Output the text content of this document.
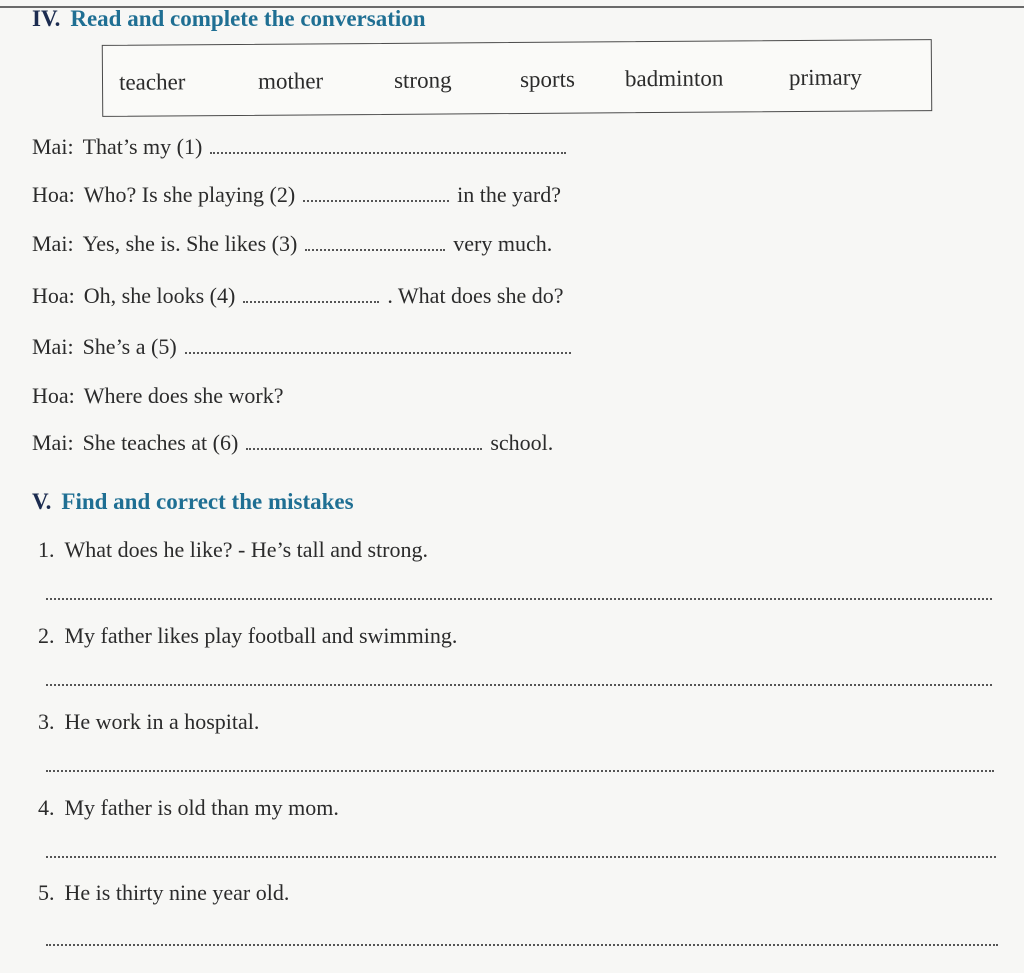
IV. Read and complete the conversation
teacher	mother	strong	sports badminton	primary
Mai: That’s my (1)
Hoa: Who? Is she playing (2)	in the yard?
Mai: Yes, she is. She likes (3)	very much.
Hoa: Oh, she looks (4)	. What does she do?
Mai: She’s a (5)
Hoa: Where does she work?
Mai: She teaches at (6)	school.
V. Find and correct the mistakes
1. What does he like? - He’s tall and strong.
2. My father likes play football and swimming.
3. He work in a hospital.
4. My father is old than my mom.
5. He is thirty nine year old.
